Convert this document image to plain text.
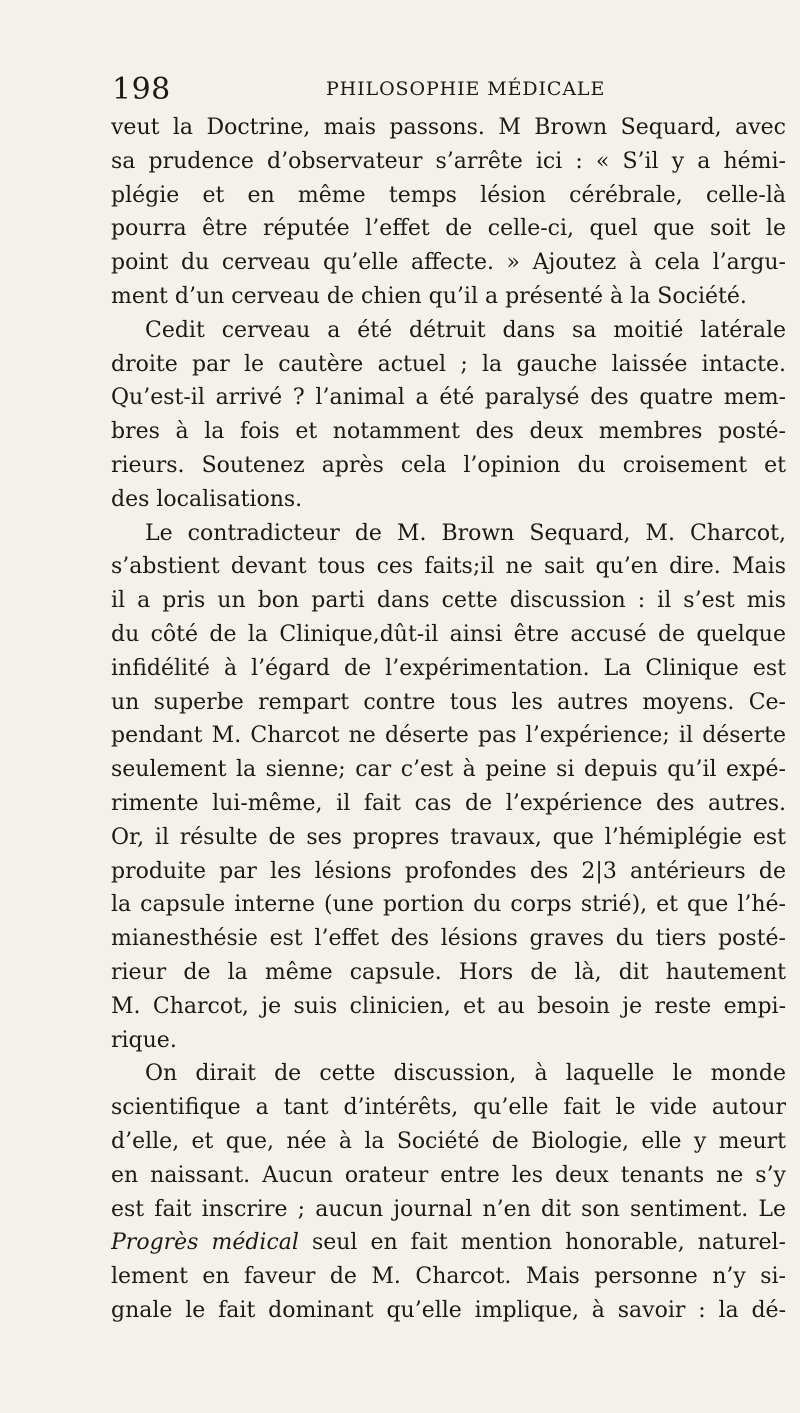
198	PHILOSOPHIE MÉDICALE
veut la Doctrine, mais passons. M Brown Sequard, avec
sa prudence d’observateur s’arrête ici : « S’il y a hémi-
plégie et en même temps lésion cérébrale, celle-là
pourra être réputée l’effet de celle-ci, quel que soit le
point du cerveau qu’elle affecte. » Ajoutez à cela l’argu-
ment d’un cerveau de chien qu’il a présenté à la Société.
Cedit cerveau a été détruit dans sa moitié latérale
droite par le cautère actuel ; la gauche laissée intacte.
Qu’est-il arrivé ? l’animal a été paralysé des quatre mem-
bres à la fois et notamment des deux membres posté-
rieurs. Soutenez après cela l’opinion du croisement et
des localisations.
Le contradicteur de M. Brown Sequard, M. Charcot,
s’abstient devant tous ces faits;il ne sait qu’en dire. Mais
il a pris un bon parti dans cette discussion : il s’est mis
du côté de la Clinique,dût-il ainsi être accusé de quelque
infidélité à l’égard de l’expérimentation. La Clinique est
un superbe rempart contre tous les autres moyens. Ce-
pendant M. Charcot ne déserte pas l’expérience; il déserte
seulement la sienne; car c’est à peine si depuis qu’il expé-
rimente lui-même, il fait cas de l’expérience des autres.
Or, il résulte de ses propres travaux, que l’hémiplégie est
produite par les lésions profondes des 2|3 antérieurs de
la capsule interne (une portion du corps strié), et que l’hé-
mianesthésie est l’effet des lésions graves du tiers posté-
rieur de la même capsule. Hors de là, dit hautement
M. Charcot, je suis clinicien, et au besoin je reste empi-
rique.
On dirait de cette discussion, à laquelle le monde
scientifique a tant d’intérêts, qu’elle fait le vide autour
d’elle, et que, née à la Société de Biologie, elle y meurt
en naissant. Aucun orateur entre les deux tenants ne s’y
est fait inscrire ; aucun journal n’en dit son sentiment. Le
Progrès médical seul en fait mention honorable, naturel-
lement en faveur de M. Charcot. Mais personne n’y si-
gnale le fait dominant qu’elle implique, à savoir : la dé-
